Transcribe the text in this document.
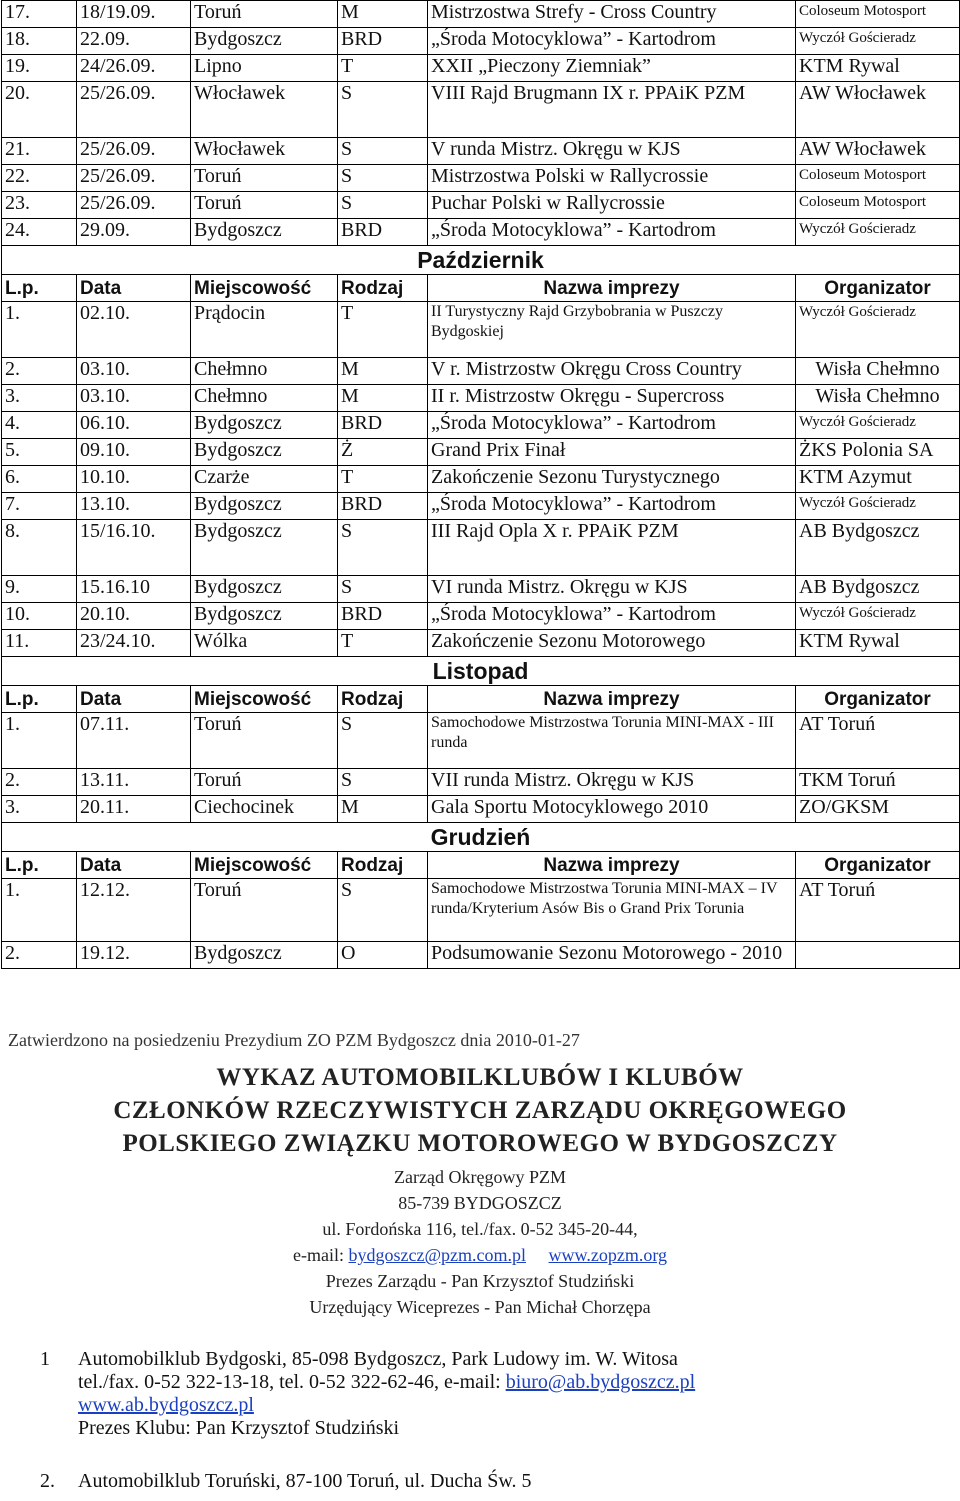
17.	18/19.09.	Toruń	M	Mistrzostwa Strefy - Cross Country	Coloseum Motosport
18.	22.09.	Bydgoszcz	BRD	„Środa Motocyklowa” - Kartodrom	Wyczół Gościeradz
19.	24/26.09.	Lipno	T	XXII „Pieczony Ziemniak”	KTM Rywal
20.	25/26.09.	Włocławek	S	VIII Rajd Brugmann IX r. PPAiK PZM	AW Włocławek
21.	25/26.09.	Włocławek	S	V runda Mistrz. Okręgu w KJS	AW Włocławek
22.	25/26.09.	Toruń	S	Mistrzostwa Polski w Rallycrossie	Coloseum Motosport
23.	25/26.09.	Toruń	S	Puchar Polski w Rallycrossie	Coloseum Motosport
24.	29.09.	Bydgoszcz	BRD	„Środa Motocyklowa” - Kartodrom	Wyczół Gościeradz
Październik					
L.p.	Data	Miejscowość	Rodzaj	Nazwa imprezy	Organizator
1.	02.10.	Prądocin	T	II Turystyczny Rajd Grzybobrania w Puszczy Bydgoskiej	Wyczół Gościeradz
2.	03.10.	Chełmno	M	V r. Mistrzostw Okręgu Cross Country	Wisła Chełmno
3.	03.10.	Chełmno	M	II r. Mistrzostw Okręgu - Supercross	Wisła Chełmno
4.	06.10.	Bydgoszcz	BRD	„Środa Motocyklowa” - Kartodrom	Wyczół Gościeradz
5.	09.10.	Bydgoszcz	Ż	Grand Prix Finał	ŻKS Polonia SA
6.	10.10.	Czarże	T	Zakończenie Sezonu Turystycznego	KTM Azymut
7.	13.10.	Bydgoszcz	BRD	„Środa Motocyklowa” - Kartodrom	Wyczół Gościeradz
8.	15/16.10.	Bydgoszcz	S	III Rajd Opla X r. PPAiK PZM	AB Bydgoszcz
9.	15.16.10	Bydgoszcz	S	VI runda Mistrz. Okręgu w KJS	AB Bydgoszcz
10.	20.10.	Bydgoszcz	BRD	„Środa Motocyklowa” - Kartodrom	Wyczół Gościeradz
11.	23/24.10.	Wólka	T	Zakończenie Sezonu Motorowego	KTM Rywal
Listopad					
L.p.	Data	Miejscowość	Rodzaj	Nazwa imprezy	Organizator
1.	07.11.	Toruń	S	Samochodowe Mistrzostwa Torunia MINI-MAX - III runda	AT Toruń
2.	13.11.	Toruń	S	VII runda Mistrz. Okręgu w KJS	TKM Toruń
3.	20.11.	Ciechocinek	M	Gala Sportu Motocyklowego 2010	ZO/GKSM
Grudzień					
L.p.	Data	Miejscowość	Rodzaj	Nazwa imprezy	Organizator
1.	12.12.	Toruń	S	Samochodowe Mistrzostwa Torunia MINI-MAX – IV runda/Kryterium Asów Bis o Grand Prix Torunia	AT Toruń
2.	19.12.	Bydgoszcz	O	Podsumowanie Sezonu Motorowego - 2010	
Zatwierdzono na posiedzeniu Prezydium ZO PZM Bydgoszcz dnia 2010-01-27
WYKAZ AUTOMOBILKLUBÓW I KLUBÓW
CZŁONKÓW RZECZYWISTYCH ZARZĄDU OKRĘGOWEGO
POLSKIEGO ZWIĄZKU MOTOROWEGO W BYDGOSZCZY
Zarząd Okręgowy PZM
85-739 BYDGOSZCZ
ul. Fordońska 116, tel./fax. 0-52 345-20-44,
e-mail: bydgoszcz@pzm.com.pl www.zopzm.org
Prezes Zarządu - Pan Krzysztof Studziński
Urzędujący Wiceprezes - Pan Michał Chorzępa
1 Automobilklub Bydgoski, 85-098 Bydgoszcz, Park Ludowy im. W. Witosa
tel./fax. 0-52 322-13-18, tel. 0-52 322-62-46, e-mail: biuro@ab.bydgoszcz.pl
www.ab.bydgoszcz.pl
Prezes Klubu: Pan Krzysztof Studziński
2. Automobilklub Toruński, 87-100 Toruń, ul. Ducha Św. 5
